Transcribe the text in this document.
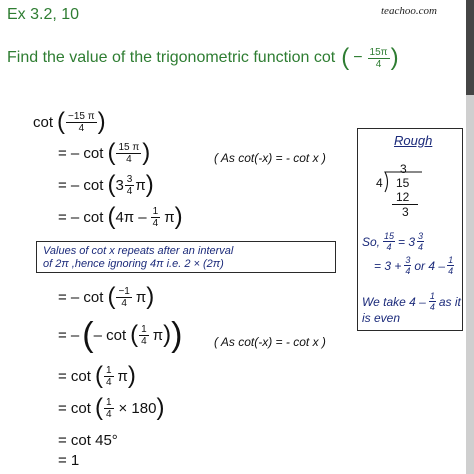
Ex 3.2, 10	teachoo.com
Find the value of the trigonometric function cot ( − $\frac{15\pi}{4}$ )
cot ( $\frac{-15 \pi}{4}$ )
= – cot ( $\frac{15 \pi}{4}$ )	( As cot(-x) = - cot x )
= – cot ( $3 \frac{3}{4}$ π )
= – cot ( $4\pi - \frac{1}{4}$ π )
Values of cot x repeats after an interval
of 2π ,hence ignoring 4π i.e. 2 × (2π)
= – cot ( $\frac{-1}{4}$ π )
= – ( – cot ( $\frac{1}{4}$ π ) )	( As cot(-x) = - cot x )
= cot ( $\frac{1}{4}$ π )
= cot ( $\frac{1}{4} \times 180$ )
= cot 45°
= 1
Rough
3
4 15
12
3
So, $\frac{15}{4} = 3 \frac{3}{4}$
= $3 + \frac{3}{4}$ or $4 - \frac{1}{4}$
We take $4 - \frac{1}{4}$ as it
is even
